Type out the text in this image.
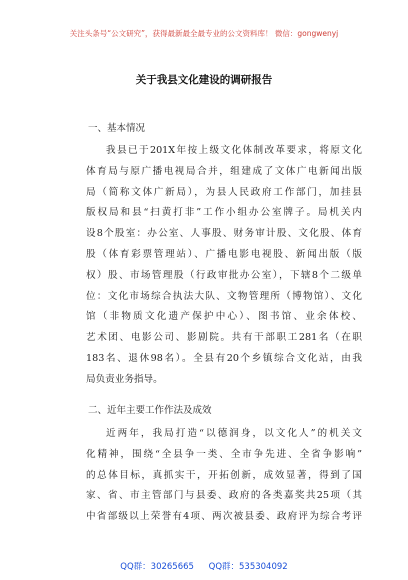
关注头条号“公文研究”，获得最新最全最专业的公文资料库！ 微信：gongwenyj
关于我县文化建设的调研报告
一、基本情况
我县已于201X年按上级文化体制改革要求，将原文化
体育局与原广播电视局合并，组建成了文体广电新闻出版
局（简称文体广新局），为县人民政府工作部门，加挂县
版权局和县“扫黄打非”工作小组办公室牌子。局机关内
设8个股室：办公室、人事股、财务审计股、文化股、体育
股（体育彩票管理站）、广播电影电视股、新闻出版（版
权）股、市场管理股（行政审批办公室），下辖8个二级单
位：文化市场综合执法大队、文物管理所（博物馆）、文化
馆（非物质文化遗产保护中心）、图书馆、业余体校、
艺术团、电影公司、影剧院。共有干部职工281名（在职
183名、退休98名）。全县有20个乡镇综合文化站，由我
局负责业务指导。
二、近年主要工作作法及成效
近两年，我局打造“以德润身，以文化人”的机关文
化精神，围绕“全县争一类、全市争先进、全省争影响”
的总体目标，真抓实干，开拓创新，成效显著，得到了国
家、省、市主管部门与县委、政府的各类嘉奖共25项（其
中省部级以上荣誉有4项、两次被县委、政府评为综合考评
QQ群：30265665 QQ群：535304092
